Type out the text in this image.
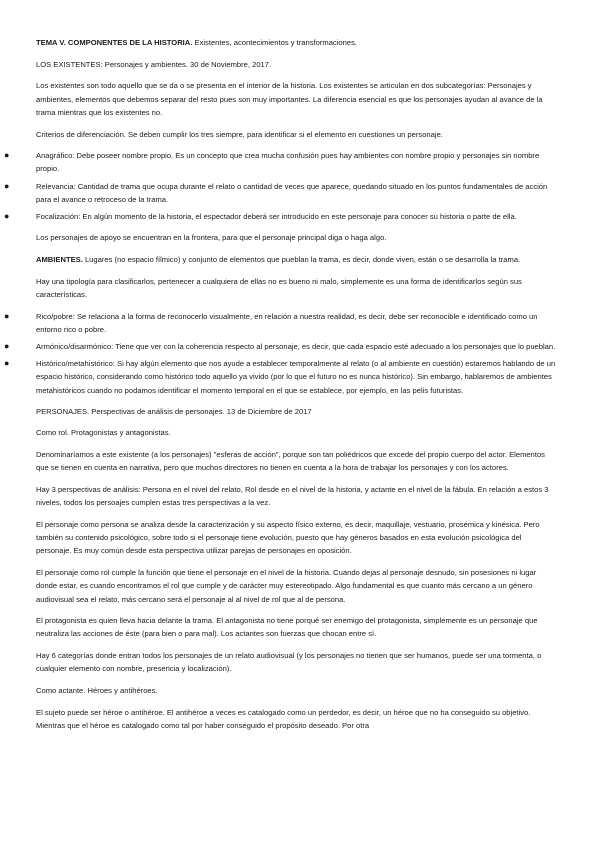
TEMA V. COMPONENTES DE LA HISTORIA. Existentes, acontecimientos y transformaciones.

LOS EXISTENTES: Personajes y ambientes. 30 de Noviembre, 2017.

Los existentes son todo aquello que se da o se presenta en el interior de la historia. Los existentes se articulan en dos subcategorías: Personajes y ambientes, elementos que debemos separar del resto pues son muy importantes. La diferencia esencial es que los personajes ayudan al avance de la trama mientras que los existentes no.

Criterios de diferenciación. Se deben cumplir los tres siempre, para identificar si el elemento en cuestiones un personaje.

●	Anagráfico: Debe poseer nombre propio. Es un concepto que crea mucha confusión pues hay ambientes con nombre propio y personajes sin nombre propio.
●	Relevancia: Cantidad de trama que ocupa durante el relato o cantidad de veces que aparece, quedando situado en los puntos fundamentales de acción para el avance o retroceso de la trama.
●	Focalización: En algún momento de la historia, el espectador deberá ser introducido en este personaje para conocer su historia o parte de ella.

Los personajes de apoyo se encuentran en la frontera, para que el personaje principal diga o haga algo.

AMBIENTES. Lugares (no espacio fílmico) y conjunto de elementos que pueblan la trama, es decir, donde viven, están o se desarrolla la trama.

Hay una tipología para clasificarlos, pertenecer a cualquiera de ellas no es bueno ni malo, simplemente es una forma de identificarlos según sus características.

●	Rico/pobre: Se relaciona a la forma de reconocerlo visualmente, en relación a nuestra realidad, es decir, debe ser reconocible e identificado como un entorno rico o pobre.
●	Armónico/disarmónico: Tiene que ver con la coherencia respecto al personaje, es decir, que cada espacio esté adecuado a los personajes que lo pueblan.
●	Histórico/metahistórico: Si hay algún elemento que nos ayude a establecer temporalmente al relato (o al ambiente en cuestión) estaremos hablando de un espacio histórico, considerando como histórico todo aquello ya vivido (por lo que el futuro no es nunca histórico). Sin embargo, hablaremos de ambientes metahistóricos cuando no podamos identificar el momento temporal en el que se establece, por ejemplo, en las pelis futuristas.

PERSONAJES. Perspectivas de análisis de personajes. 13 de Diciembre de 2017

Como rol. Protagonistas y antagonistas.

Denominaríamos a este existente (a los personajes) "esferas de acción", porque son tan poliédricos que excede del propio cuerpo del actor. Elementos que se tienen en cuenta en narrativa, pero que muchos directores no tienen en cuenta a la hora de trabajar los personajes y con los actores.

Hay 3 perspectivas de análisis: Persona en el nivel del relato, Rol desde en el nivel de la historia, y actante en el nivel de la fábula. En relación a estos 3 niveles, todos los persoajes cumplen estas tres perspectivas a la vez.

El personaje como persona se analiza desde la caracterización y su aspecto físico externo, es decir, maquillaje, vestuario, prosémica y kinésica. Pero también su contenido psicológico, sobre todo si el personaje tiene evolución, puesto que hay géneros basados en esta evolución psicológica del personaje. Es muy común desde esta perspectiva utilizar parejas de personajes en oposición.

El personaje como rol cumple la función que tiene el personaje en el nivel de la historia. Cuando dejas al personaje desnudo, sin posesiones ni lugar donde estar, es cuando encontramos el rol que cumple y de carácter muy estereotipado. Algo fundamental es que cuanto más cercano a un género audiovisual sea el relato, más cercano será el personaje al al nivel de rol que al de persona.

El protagonista es quien lleva hacia delante la trama. El antagonista no tiene porqué ser enemigo del protagonista, simplemente es un personaje que neutraliza las acciones de éste (para bien o para mal). Los actantes son fuerzas que chocan entre sí.

Hay 6 categorías donde entran todos los personajes de un relato audiovisual (y los personajes no tienen que ser humanos, puede ser una tormenta, o cualquier elemento con nombre, presencia y localización).

Como actante. Héroes y antihéroes.

El sujeto puede ser héroe o antihéroe. El antihéroe a veces es catalogado como un perdedor, es decir, un héroe que no ha conseguido su objetivo. Mientras que el héroe es catalogado como tal por haber conseguido el propósito deseado. Por otra
